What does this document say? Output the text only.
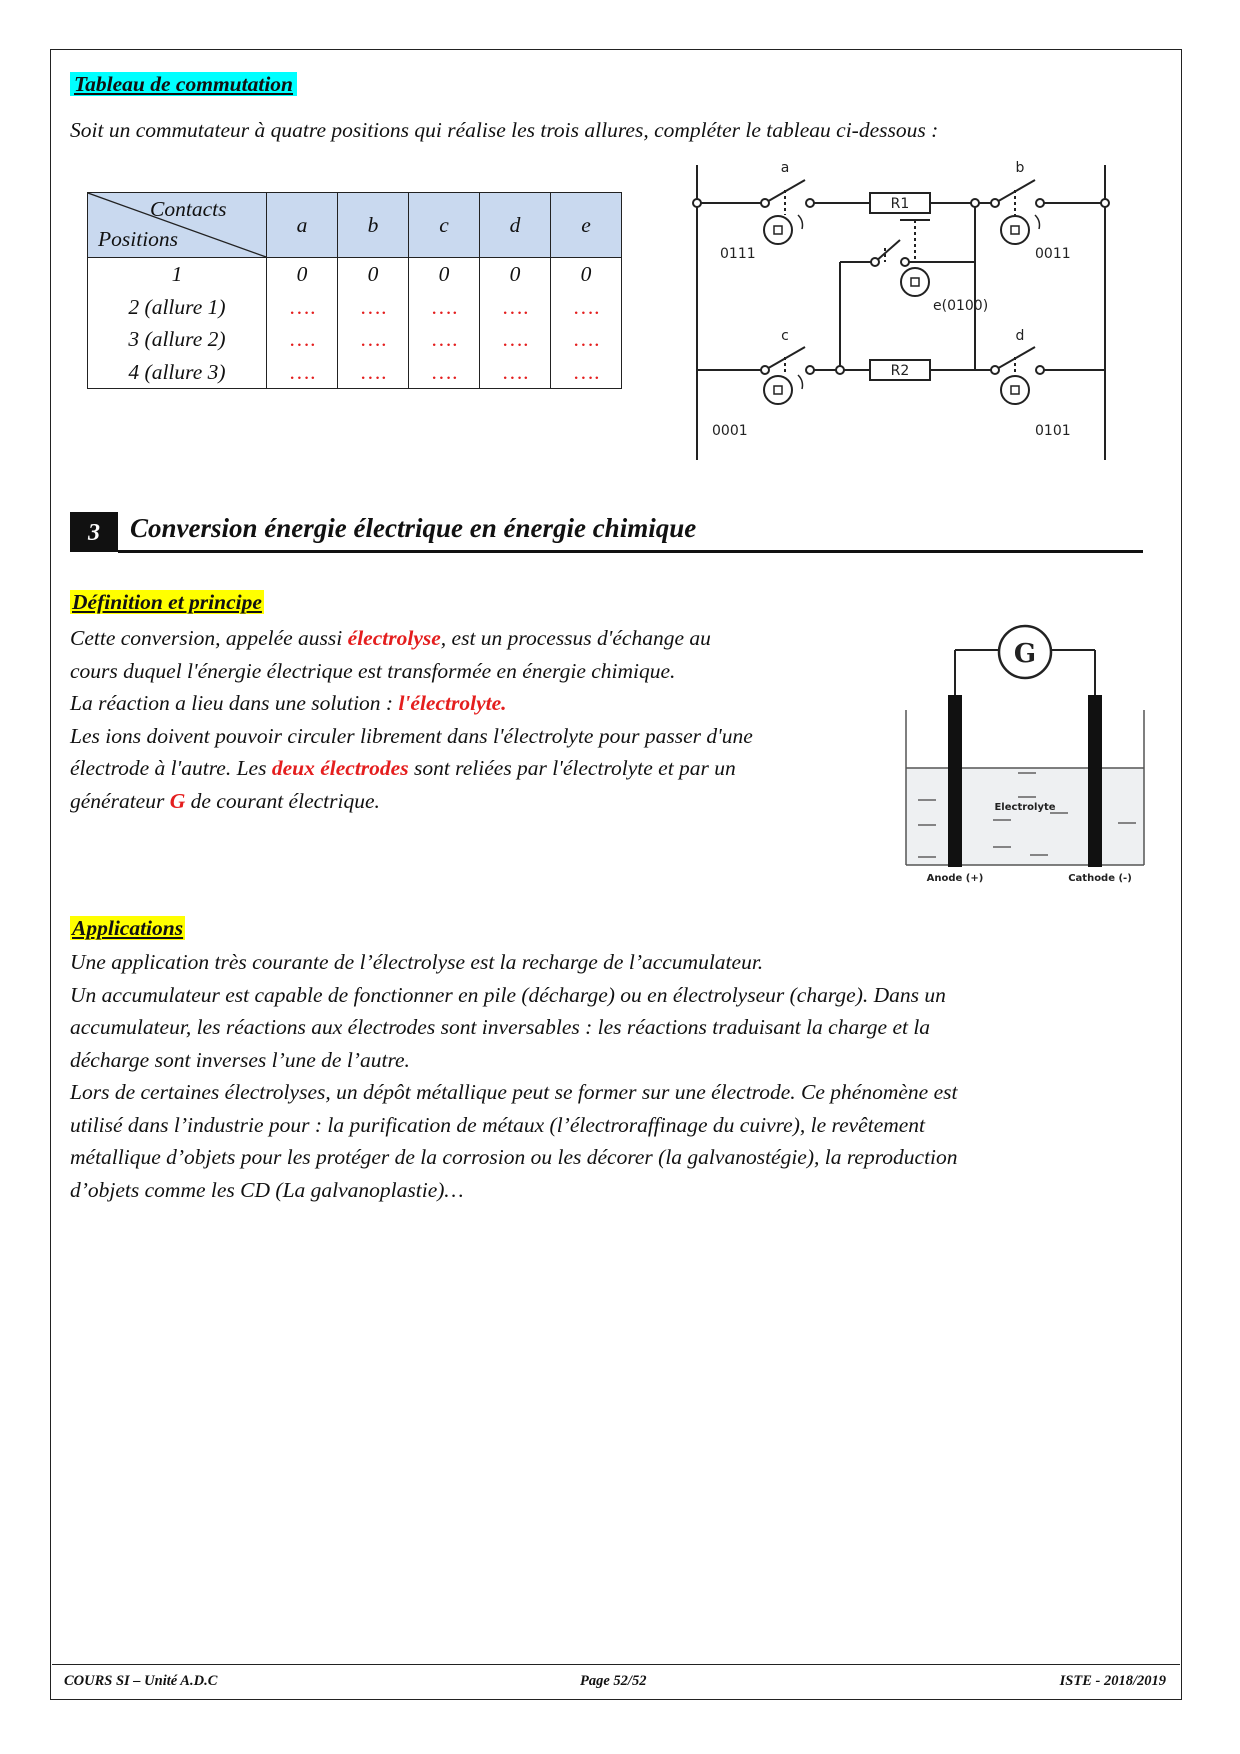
Tableau de commutation
Soit un commutateur à quatre positions qui réalise les trois allures, compléter le tableau ci-dessous :
Contacts
Positions	a	b	c	d	e
1	0	0	0	0	0
2 (allure 1)	….	….	….	….	….
3 (allure 2)	….	….	….	….	….
4 (allure 3)	….	….	….	….	….
a	b
c	d
R1
R2
0111	0011
e(0100)
0001	0101
3	Conversion énergie électrique en énergie chimique
Définition et principe
Cette conversion, appelée aussi électrolyse, est un processus d'échange au
cours duquel l'énergie électrique est transformée en énergie chimique.
La réaction a lieu dans une solution : l'électrolyte.
Les ions doivent pouvoir circuler librement dans l'électrolyte pour passer d'une
électrode à l'autre. Les deux électrodes sont reliées par l'électrolyte et par un
générateur G de courant électrique.
G
Electrolyte
Anode (+)	Cathode (-)
Applications
Une application très courante de l’électrolyse est la recharge de l’accumulateur.
Un accumulateur est capable de fonctionner en pile (décharge) ou en électrolyseur (charge). Dans un
accumulateur, les réactions aux électrodes sont inversables : les réactions traduisant la charge et la
décharge sont inverses l’une de l’autre.
Lors de certaines électrolyses, un dépôt métallique peut se former sur une électrode. Ce phénomène est
utilisé dans l’industrie pour : la purification de métaux (l’électroraffinage du cuivre), le revêtement
métallique d’objets pour les protéger de la corrosion ou les décorer (la galvanostégie), la reproduction
d’objets comme les CD (La galvanoplastie)…
COURS SI – Unité A.D.C	Page 52/52	ISTE - 2018/2019
